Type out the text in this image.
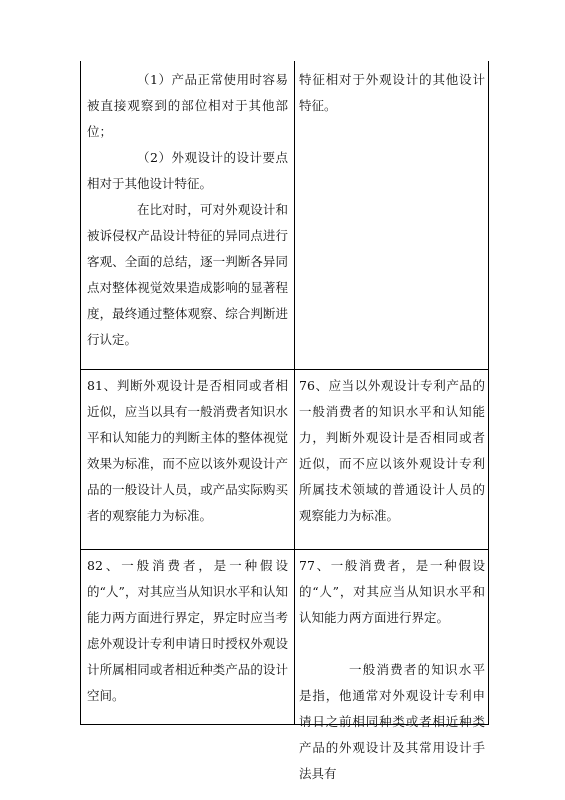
（1）产品正常使用时容易被直接观察到的部位相对于其他部位；

（2）外观设计的设计要点相对于其他设计特征。

在比对时，可对外观设计和被诉侵权产品设计特征的异同点进行客观、全面的总结，逐一判断各异同点对整体视觉效果造成影响的显著程度，最终通过整体观察、综合判断进行认定。

特征相对于外观设计的其他设计特征。

81、判断外观设计是否相同或者相近似，应当以具有一般消费者知识水平和认知能力的判断主体的整体视觉效果为标准，而不应以该外观设计产品的一般设计人员，或产品实际购买者的观察能力为标准。

76、应当以外观设计专利产品的一般消费者的知识水平和认知能力，判断外观设计是否相同或者近似，而不应以该外观设计专利所属技术领域的普通设计人员的观察能力为标准。

82、一般消费者，是一种假设的“人”，对其应当从知识水平和认知能力两方面进行界定，界定时应当考虑外观设计专利申请日时授权外观设计所属相同或者相近种类产品的设计空间。

77、一般消费者，是一种假设的“人”，对其应当从知识水平和认知能力两方面进行界定。

一般消费者的知识水平是指，他通常对外观设计专利申请日之前相同种类或者相近种类产品的外观设计及其常用设计手法具有
